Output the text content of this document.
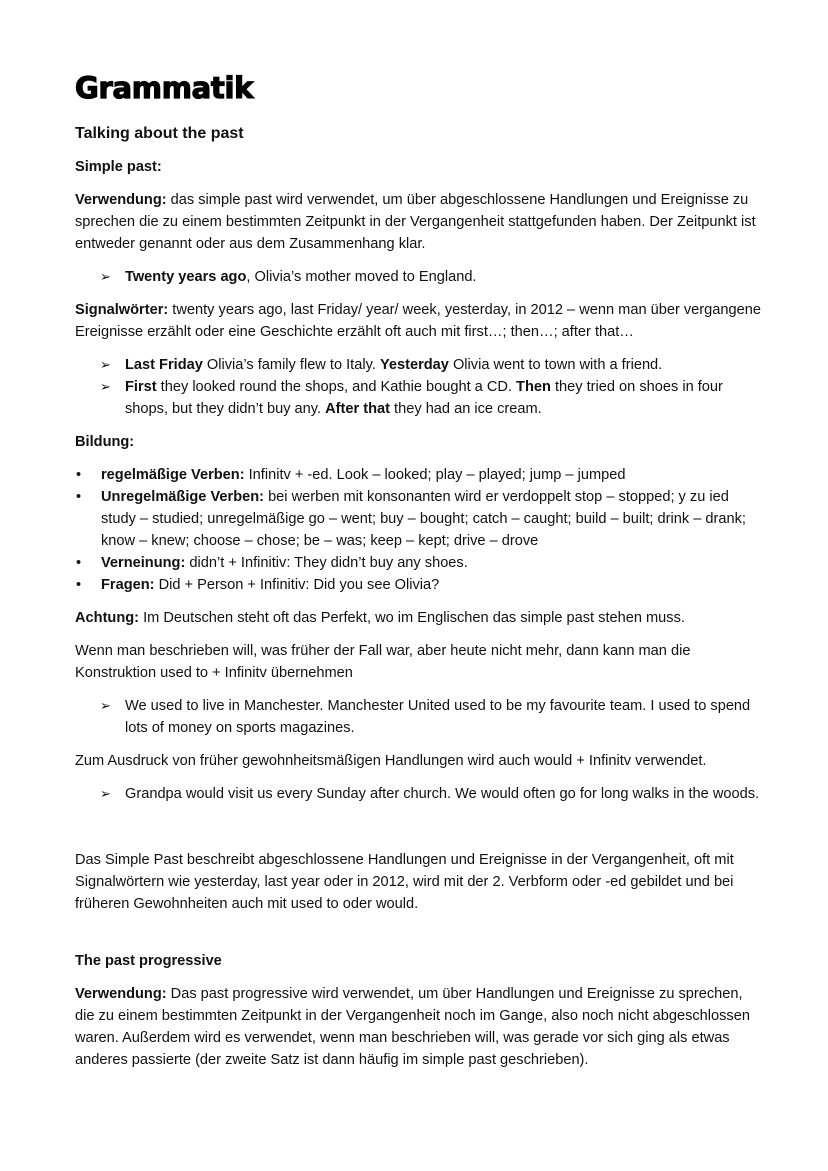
Grammatik
Talking about the past
Simple past:

Verwendung: das simple past wird verwendet, um über abgeschlossene Handlungen und Ereignisse zu sprechen die zu einem bestimmten Zeitpunkt in der Vergangenheit stattgefunden haben. Der Zeitpunkt ist entweder genannt oder aus dem Zusammenhang klar.

➢ Twenty years ago, Olivia’s mother moved to England.

Signalwörter: twenty years ago, last Friday/ year/ week, yesterday, in 2012 – wenn man über vergangene Ereignisse erzählt oder eine Geschichte erzählt oft auch mit first…; then…; after that…

➢ Last Friday Olivia’s family flew to Italy. Yesterday Olivia went to town with a friend.
➢ First they looked round the shops, and Kathie bought a CD. Then they tried on shoes in four shops, but they didn’t buy any. After that they had an ice cream.
Bildung:
• regelmäßige Verben: Infinitv + -ed. Look – looked; play – played; jump – jumped
• Unregelmäßige Verben: bei werben mit konsonanten wird er verdoppelt stop – stopped; y zu ied study – studied; unregelmäßige go – went; buy – bought; catch – caught; build – built; drink – drank; know – knew; choose – chose; be – was; keep – kept; drive – drove
• Verneinung: didn’t + Infinitiv: They didn’t buy any shoes.
• Fragen: Did + Person + Infinitiv: Did you see Olivia?

Achtung: Im Deutschen steht oft das Perfekt, wo im Englischen das simple past stehen muss.

Wenn man beschrieben will, was früher der Fall war, aber heute nicht mehr, dann kann man die Konstruktion used to + Infinitv übernehmen

➢ We used to live in Manchester. Manchester United used to be my favourite team. I used to spend lots of money on sports magazines.

Zum Ausdruck von früher gewohnheitsmäßigen Handlungen wird auch would + Infinitv verwendet.

➢ Grandpa would visit us every Sunday after church. We would often go for long walks in the woods.

Das Simple Past beschreibt abgeschlossene Handlungen und Ereignisse in der Vergangenheit, oft mit Signalwörtern wie yesterday, last year oder in 2012, wird mit der 2. Verbform oder -ed gebildet und bei früheren Gewohnheiten auch mit used to oder would.

The past progressive

Verwendung: Das past progressive wird verwendet, um über Handlungen und Ereignisse zu sprechen, die zu einem bestimmten Zeitpunkt in der Vergangenheit noch im Gange, also noch nicht abgeschlossen waren. Außerdem wird es verwendet, wenn man beschrieben will, was gerade vor sich ging als etwas anderes passierte (der zweite Satz ist dann häufig im simple past geschrieben).
